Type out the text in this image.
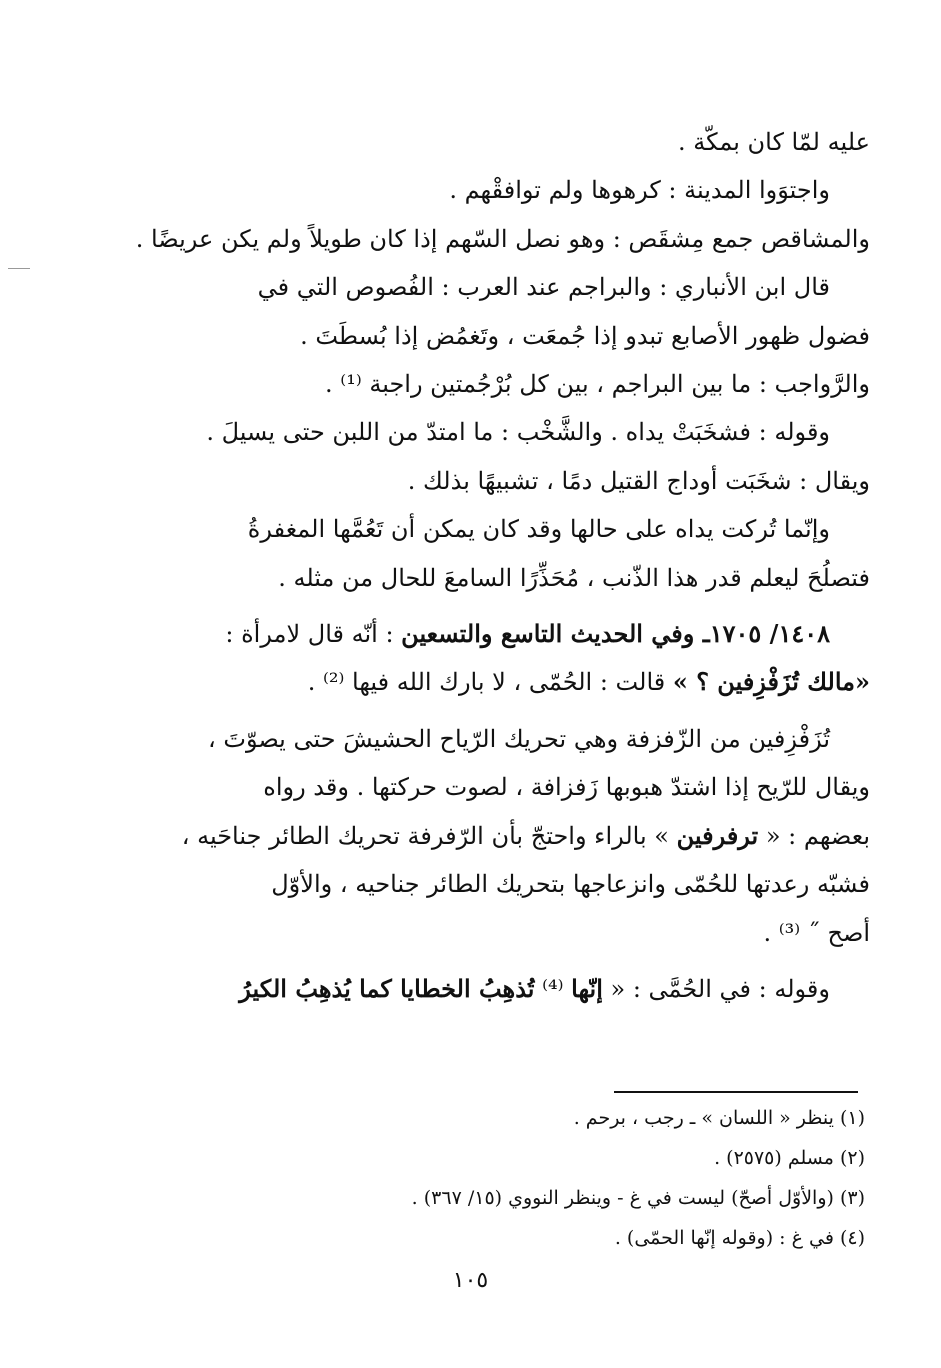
عليه لمّا كان بمكّة .
واجتوَوا المدينة : كرهوها ولم توافقْهم .
والمشاقص جمع مِشقَص : وهو نصل السّهم إذا كان طويلاً ولم يكن عريضًا .
قال ابن الأنباري : والبراجم عند العرب : الفُصوص التي في
فضول ظهور الأصابع تبدو إذا جُمعَت ، وتَغمُض إذا بُسطَتَ .
والرَّواجب : ما بين البراجم ، بين كل بُرْجُمتين راجبة ⁽¹⁾ .
وقوله : فشخَبَتْ يداه . والشَّخْب : ما امتدّ من اللبن حتى يسيلَ .
ويقال : شخَبَت أوداج القتيل دمًا ، تشبيهًا بذلك .
وإنّما تُركت يداه على حالها وقد كان يمكن أن تَعُمَّها المغفرةُ
فتصلُحَ ليعلم قدر هذا الذّنب ، مُحَذِّرًا السامعَ للحال من مثله .
١٤٠٨/ ١٧٠٥ـ وفي الحديث التاسع والتسعين : أنّه قال لامرأة :
«مالك تُزَفْزِفين ؟ » قالت : الحُمّى ، لا بارك الله فيها ⁽²⁾ .
تُزَفْزِفين من الزّفزفة وهي تحريك الرّياح الحشيشَ حتى يصوّتَ ،
ويقال للرّيح إذا اشتدّ هبوبها زَفزافة ، لصوت حركتها . وقد رواه
بعضهم : « ترفرفين » بالراء واحتجّ بأن الرّفرفة تحريك الطائر جناحَيه ،
فشبّه رعدتها للحُمّى وانزعاجها بتحريك الطائر جناحيه ، والأوّل
أصح ˝ ⁽³⁾ .
وقوله : في الحُمَّى : « إنّها ⁽⁴⁾ تُذهِبُ الخطايا كما يُذهِبُ الكيرُ
(١) ينظر « اللسان » ـ رجب ، برحم .
(٢) مسلم (٢٥٧٥) .
(٣) (والأوّل أصحّ) ليست في غ - وينظر النووي (١٥/ ٣٦٧) .
(٤) في غ : (وقوله إنّها الحمّى) .
١٠٥
